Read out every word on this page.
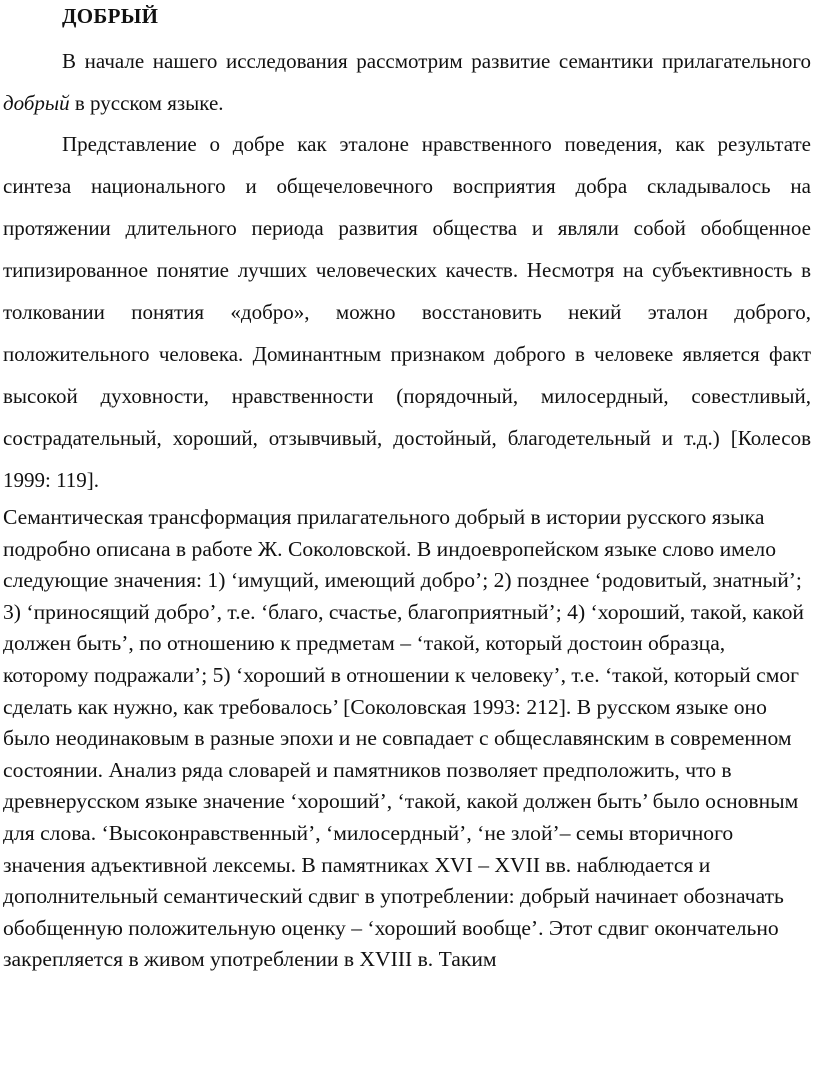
ДОБРЫЙ

В начале нашего исследования рассмотрим развитие семантики прилагательного добрый в русском языке.

Представление о добре как эталоне нравственного поведения, как результате синтеза национального и общечеловечного восприятия добра складывалось на протяжении длительного периода развития общества и являли собой обобщенное типизированное понятие лучших человеческих качеств. Несмотря на субъективность в толковании понятия «добро», можно восстановить некий эталон доброго, положительного человека. Доминантным признаком доброго в человеке является факт высокой духовности, нравственности (порядочный, милосердный, совестливый, сострадательный, хороший, отзывчивый, достойный, благодетельный и т.д.) [Колесов 1999: 119].

Семантическая трансформация прилагательного добрый в истории русского языка подробно описана в работе Ж. Соколовской. В индоевропейском языке слово имело следующие значения: 1) ‘имущий, имеющий добро’; 2) позднее ‘родовитый, знатный’; 3) ‘приносящий добро’, т.е. ‘благо, счастье, благоприятный’; 4) ‘хороший, такой, какой должен быть’, по отношению к предметам – ‘такой, который достоин образца, которому подражали’; 5) ‘хороший в отношении к человеку’, т.е. ‘такой, который смог сделать как нужно, как требовалось’ [Соколовская 1993: 212]. В русском языке оно было неодинаковым в разные эпохи и не совпадает с общеславянским в современном состоянии. Анализ ряда словарей и памятников позволяет предположить, что в древнерусском языке значение ‘хороший’, ‘такой, какой должен быть’ было основным для слова. ‘Высоконравственный’, ‘милосердный’, ‘не злой’– семы вторичного значения адъективной лексемы. В памятниках XVI – XVII вв. наблюдается и дополнительный семантический сдвиг в употреблении: добрый начинает обозначать обобщенную положительную оценку – ‘хороший вообще’. Этот сдвиг окончательно закрепляется в живом употреблении в XVIII в. Таким
